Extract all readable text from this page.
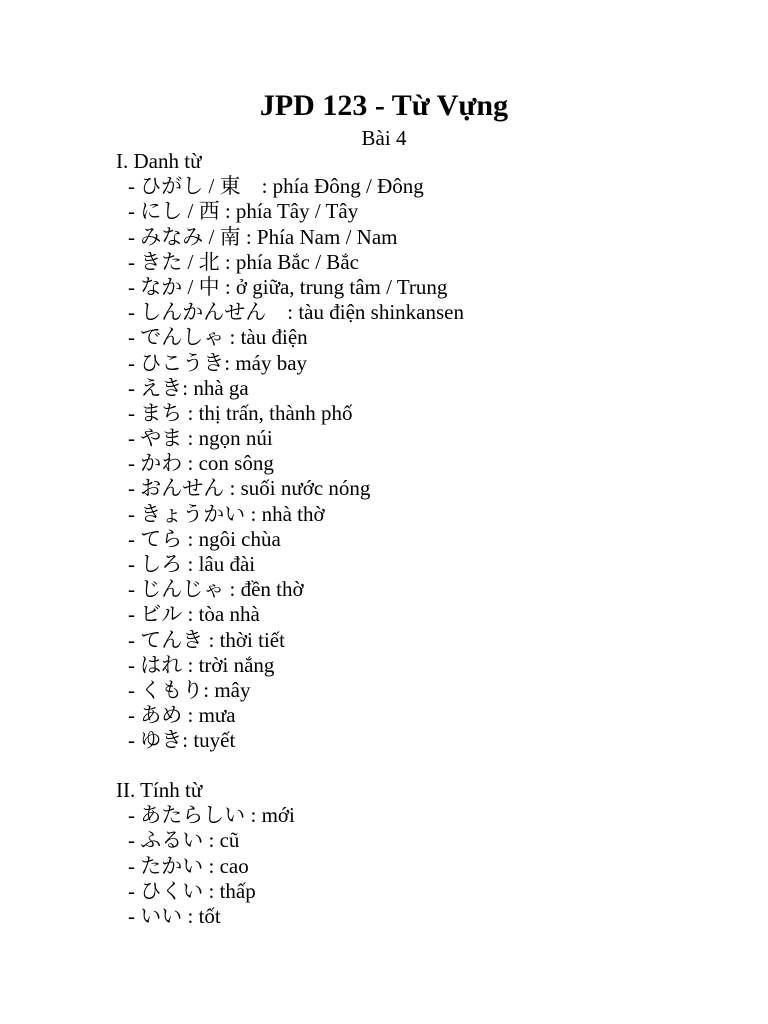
JPD 123 - Từ Vựng
Bài 4
I. Danh từ
- ひがし / 東　: phía Đông / Đông
- にし / 西 : phía Tây / Tây
- みなみ / 南 : Phía Nam / Nam
- きた / 北 : phía Bắc / Bắc
- なか / 中 : ở giữa, trung tâm / Trung
- しんかんせん　: tàu điện shinkansen
- でんしゃ : tàu điện
- ひこうき: máy bay
- えき: nhà ga
- まち : thị trấn, thành phố
- やま : ngọn núi
- かわ : con sông
- おんせん : suối nước nóng
- きょうかい : nhà thờ
- てら : ngôi chùa
- しろ : lâu đài
- じんじゃ : đền thờ
- ビル : tòa nhà
- てんき : thời tiết
- はれ : trời nắng
- くもり: mây
- あめ : mưa
- ゆき: tuyết
II. Tính từ
- あたらしい : mới
- ふるい : cũ
- たかい : cao
- ひくい : thấp
- いい : tốt
